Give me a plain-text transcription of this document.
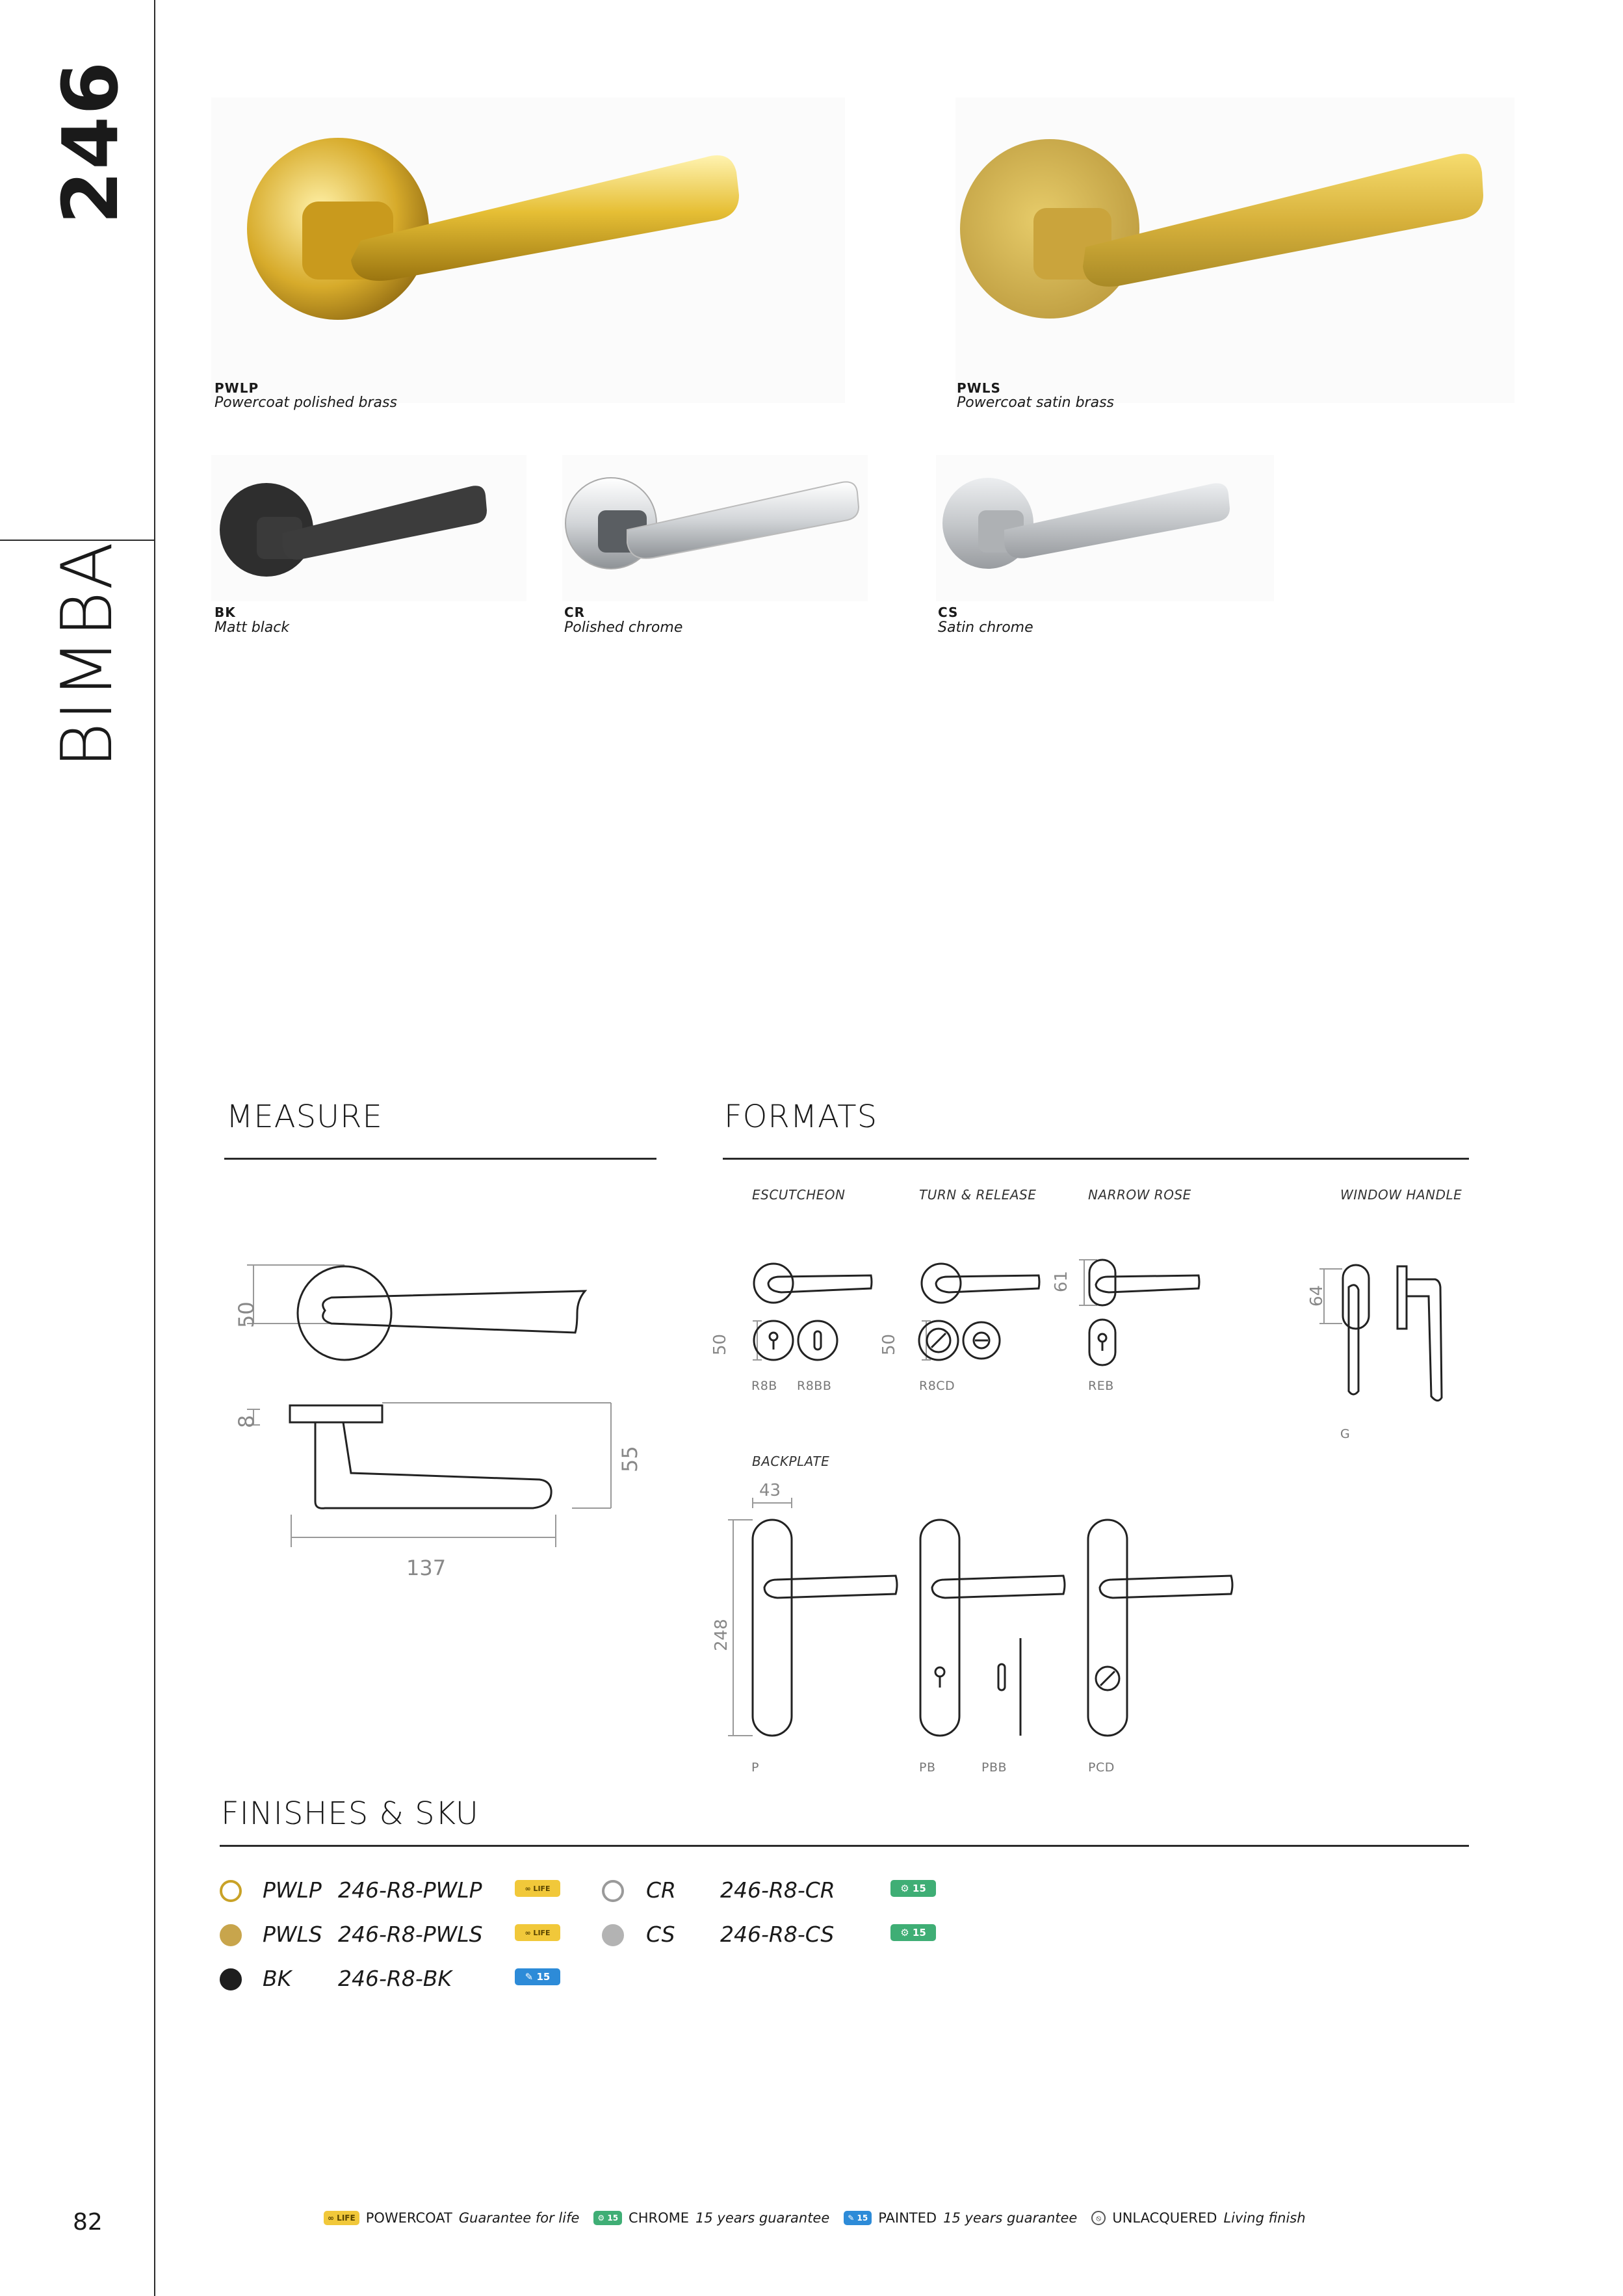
246
BIMBA
82
PWLP
Powercoat polished brass
PWLS
Powercoat satin brass
BK
Matt black
CR
Polished chrome
CS
Satin chrome
MEASURE
50
8
55
137
FORMATS
ESCUTCHEON	TURN & RELEASE	NARROW ROSE	WINDOW HANDLE
50	50
61
64
R8B R8BB	R8CD	REB
G
BACKPLATE
43
248
P	PB	PBB	PCD
FINISHES & SKU
PWLP 246-R8-PWLP	∞ LIFE
PWLS 246-R8-PWLS	∞ LIFE
BK 246-R8-BK	✎ 15
CR 246-R8-CR	⚙ 15
CS 246-R8-CS	⚙ 15
∞ LIFE POWERCOAT Guarantee for life	⚙ 15 CHROME 15 years guarantee	✎ 15 PAINTED 15 years guarantee	⦸ UNLACQUERED Living finish
